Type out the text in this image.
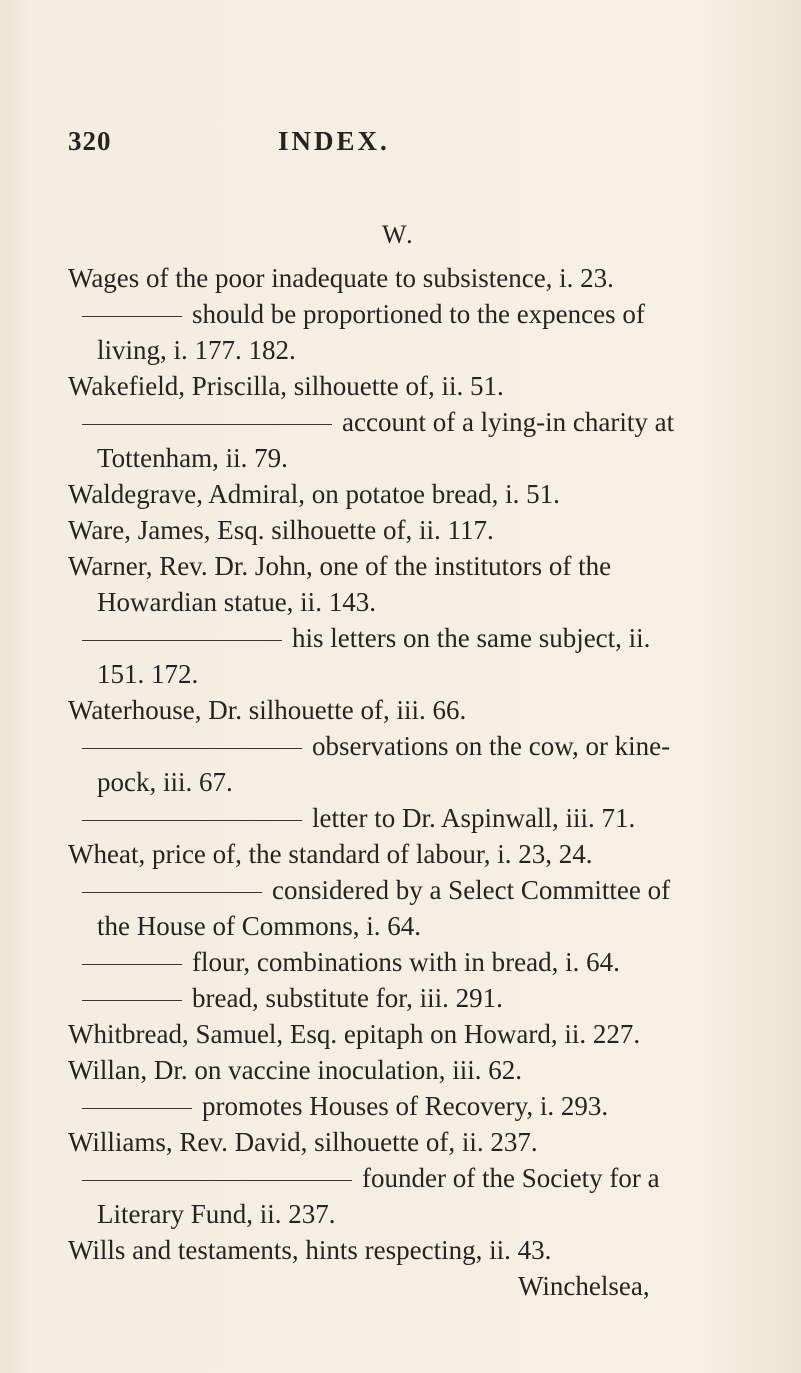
320	INDEX.
W.
Wages of the poor inadequate to subsistence, i. 23.
should be proportioned to the expences of
living, i. 177. 182.
Wakefield, Priscilla, silhouette of, ii. 51.
account of a lying-in charity at
Tottenham, ii. 79.
Waldegrave, Admiral, on potatoe bread, i. 51.
Ware, James, Esq. silhouette of, ii. 117.
Warner, Rev. Dr. John, one of the institutors of the
Howardian statue, ii. 143.
his letters on the same subject, ii.
151. 172.
Waterhouse, Dr. silhouette of, iii. 66.
observations on the cow, or kine-
pock, iii. 67.
letter to Dr. Aspinwall, iii. 71.
Wheat, price of, the standard of labour, i. 23, 24.
considered by a Select Committee of
the House of Commons, i. 64.
flour, combinations with in bread, i. 64.
bread, substitute for, iii. 291.
Whitbread, Samuel, Esq. epitaph on Howard, ii. 227.
Willan, Dr. on vaccine inoculation, iii. 62.
promotes Houses of Recovery, i. 293.
Williams, Rev. David, silhouette of, ii. 237.
founder of the Society for a
Literary Fund, ii. 237.
Wills and testaments, hints respecting, ii. 43.
Winchelsea,
